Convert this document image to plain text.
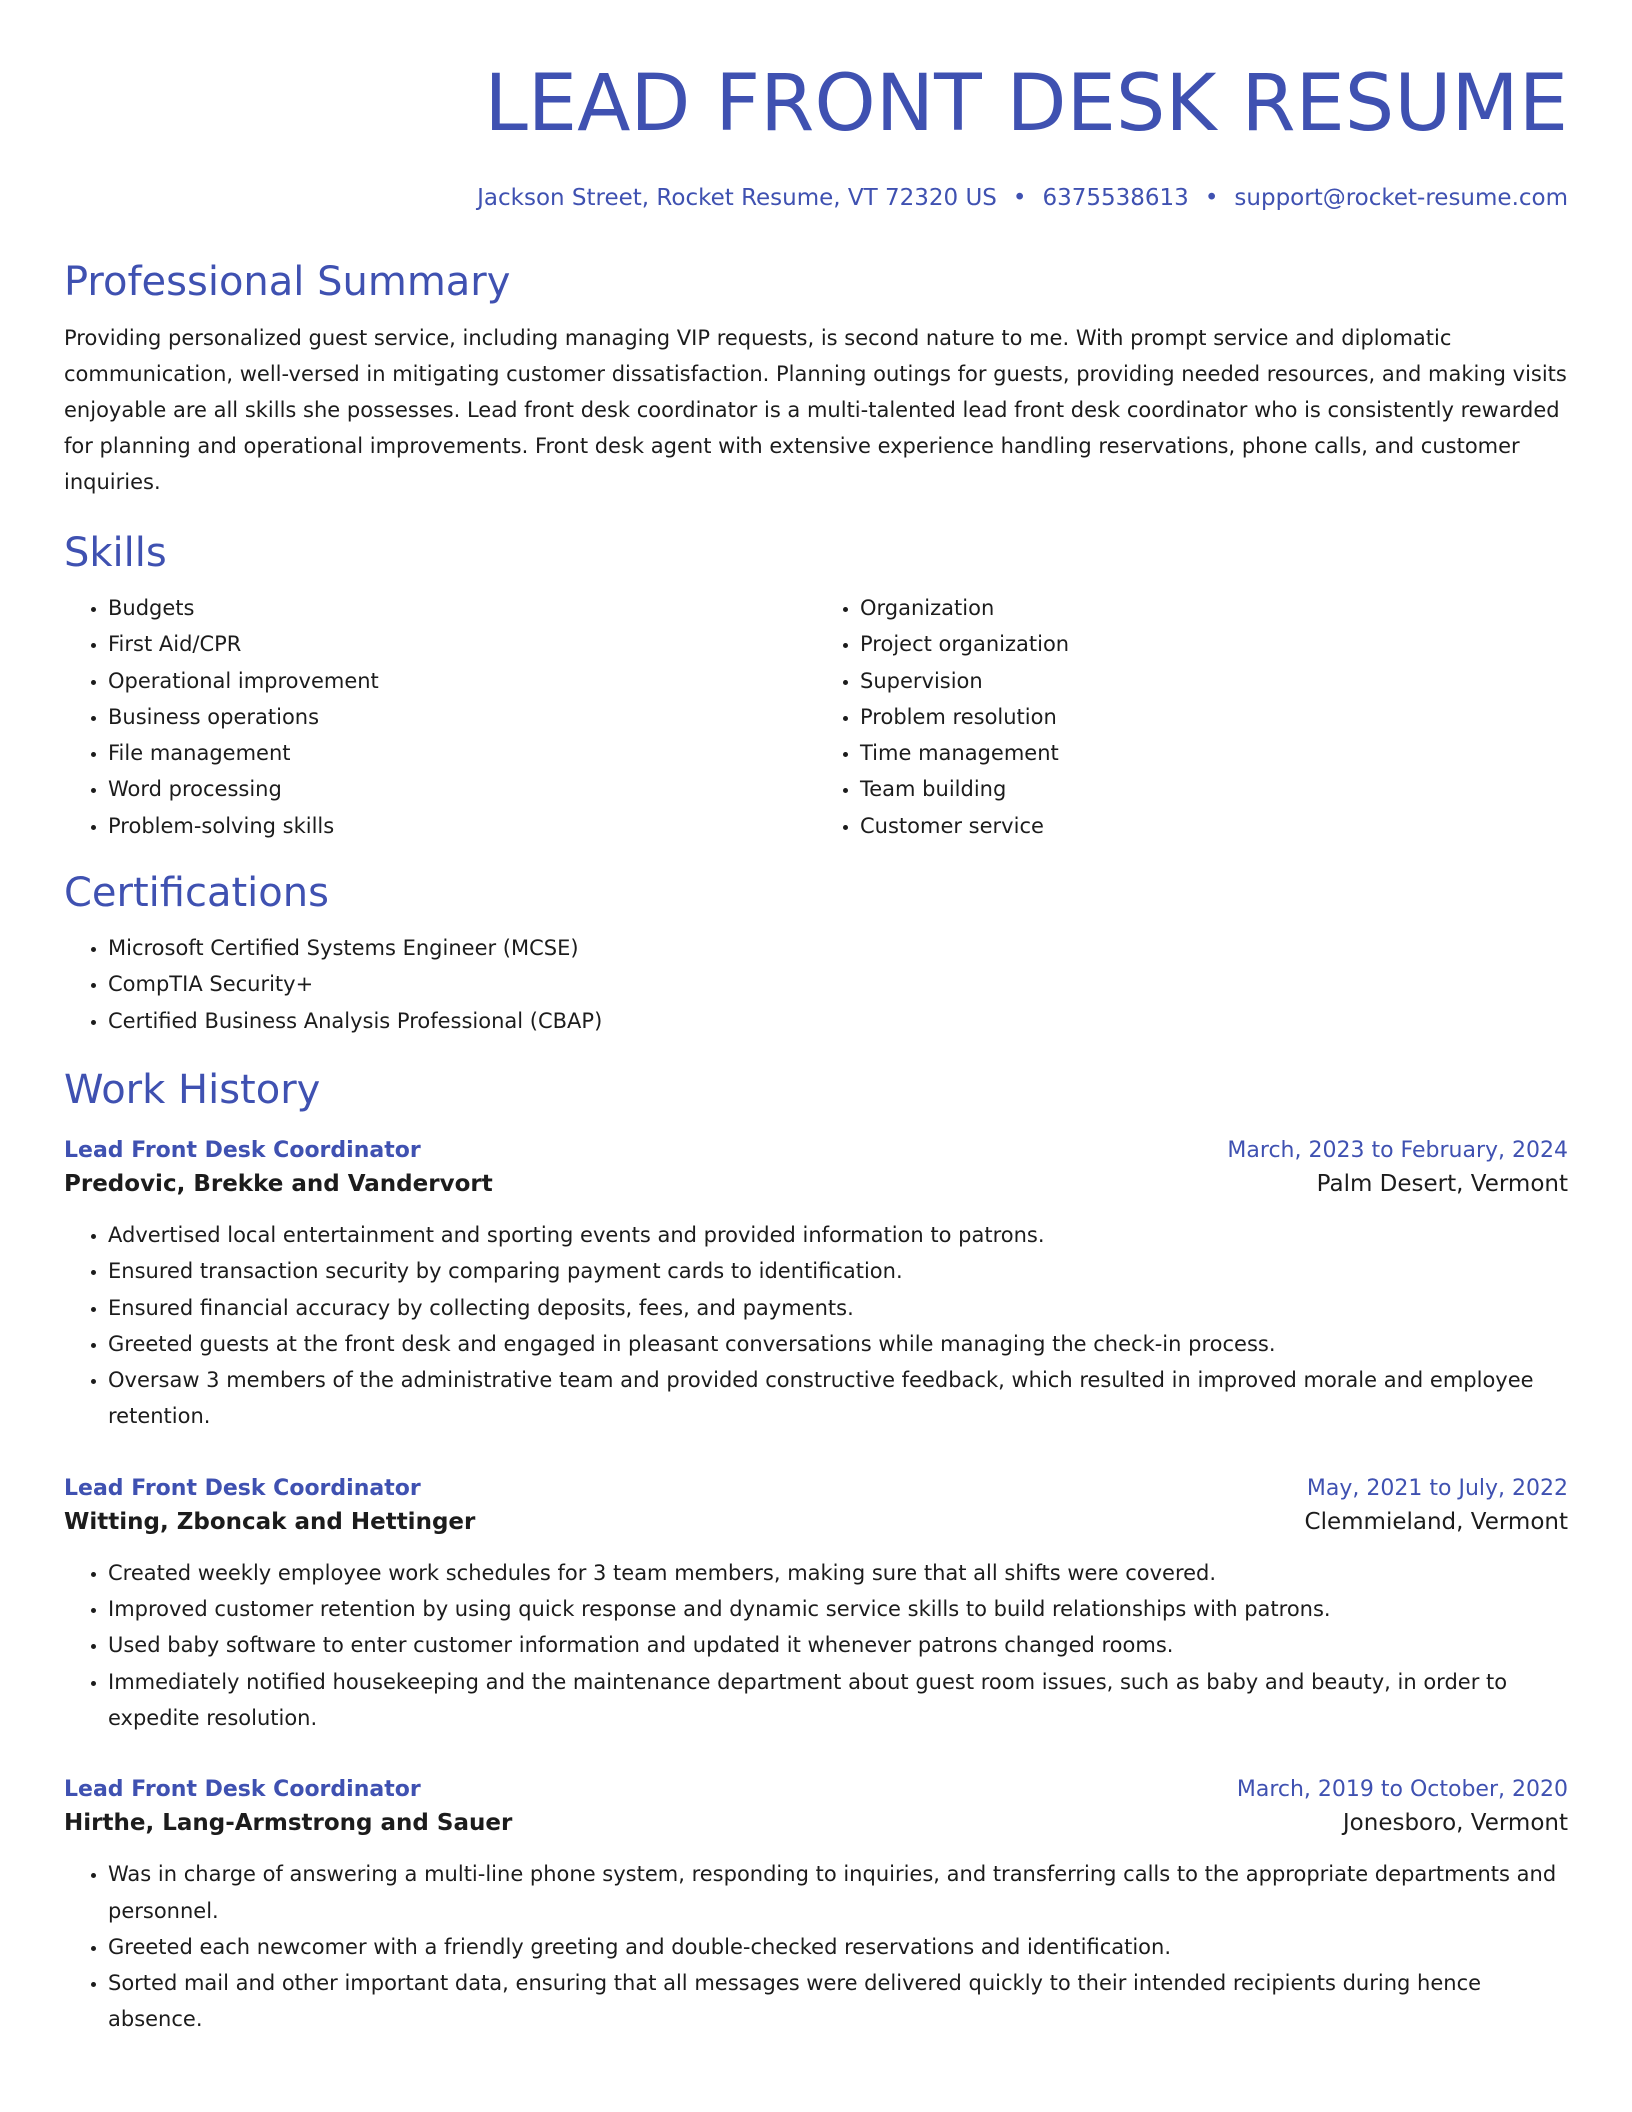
LEAD FRONT DESK RESUME
Jackson Street, Rocket Resume, VT 72320 US • 6375538613 • support@rocket-resume.com
Professional Summary

Providing personalized guest service, including managing VIP requests, is second nature to me. With prompt service and diplomatic communication, well-versed in mitigating customer dissatisfaction. Planning outings for guests, providing needed resources, and making visits enjoyable are all skills she possesses. Lead front desk coordinator is a multi-talented lead front desk coordinator who is consistently rewarded for planning and operational improvements. Front desk agent with extensive experience handling reservations, phone calls, and customer inquiries.

Skills
• Budgets
• First Aid/CPR
• Operational improvement
• Business operations
• File management
• Word processing
• Problem-solving skills
• Organization
• Project organization
• Supervision
• Problem resolution
• Time management
• Team building
• Customer service
Certifications
• Microsoft Certified Systems Engineer (MCSE)
• CompTIA Security+
• Certified Business Analysis Professional (CBAP)
Work History
Lead Front Desk Coordinator	March, 2023 to February, 2024
Predovic, Brekke and Vandervort	Palm Desert, Vermont
• Advertised local entertainment and sporting events and provided information to patrons.
• Ensured transaction security by comparing payment cards to identification.
• Ensured financial accuracy by collecting deposits, fees, and payments.
• Greeted guests at the front desk and engaged in pleasant conversations while managing the check-in process.
• Oversaw 3 members of the administrative team and provided constructive feedback, which resulted in improved morale and employee retention.
Lead Front Desk Coordinator	May, 2021 to July, 2022
Witting, Zboncak and Hettinger	Clemmieland, Vermont
• Created weekly employee work schedules for 3 team members, making sure that all shifts were covered.
• Improved customer retention by using quick response and dynamic service skills to build relationships with patrons.
• Used baby software to enter customer information and updated it whenever patrons changed rooms.
• Immediately notified housekeeping and the maintenance department about guest room issues, such as baby and beauty, in order to expedite resolution.
Lead Front Desk Coordinator	March, 2019 to October, 2020
Hirthe, Lang-Armstrong and Sauer	Jonesboro, Vermont
• Was in charge of answering a multi-line phone system, responding to inquiries, and transferring calls to the appropriate departments and personnel.
• Greeted each newcomer with a friendly greeting and double-checked reservations and identification.
• Sorted mail and other important data, ensuring that all messages were delivered quickly to their intended recipients during hence absence.
